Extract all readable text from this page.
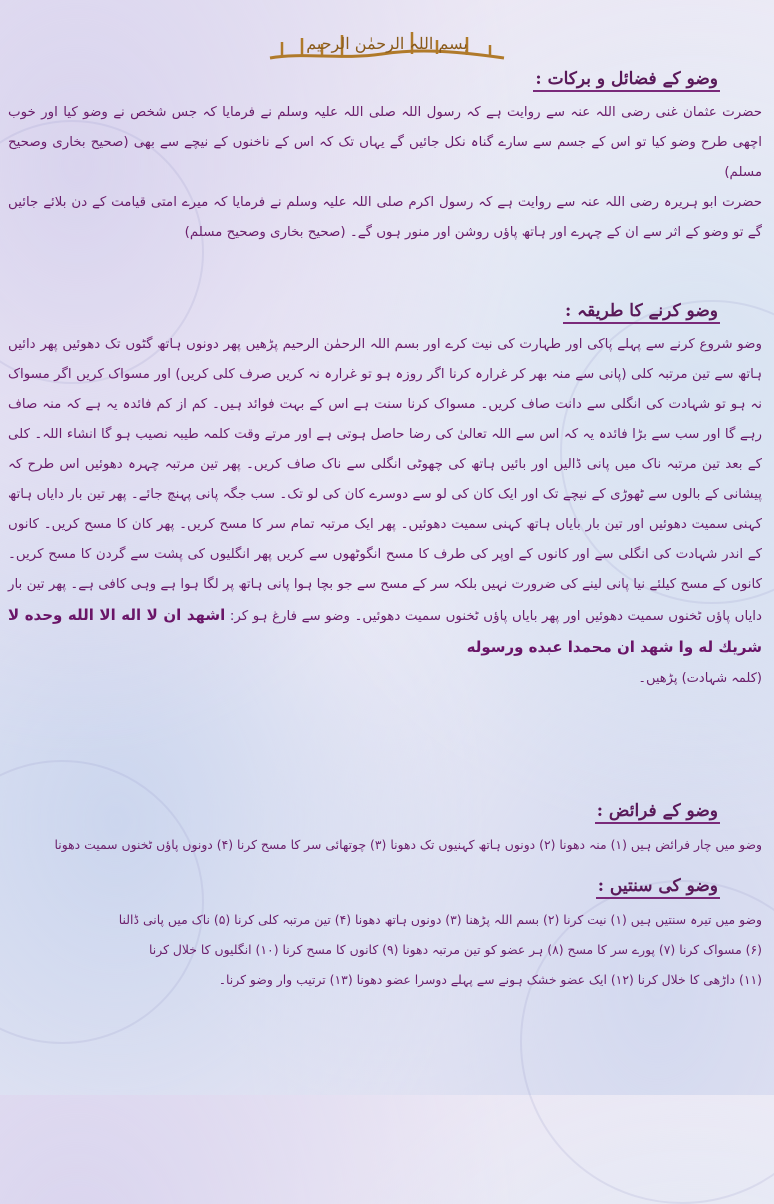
بسم اللہ الرحمٰن الرحیم
وضو کے فضائل و برکات :

حضرت عثمان غنی رضی اللہ عنہ سے روایت ہے کہ رسول اللہ صلی اللہ علیہ وسلم نے فرمایا کہ جس شخص نے وضو کیا اور خوب اچھی طرح وضو کیا تو اس کے جسم سے سارے گناہ نکل جائیں گے یہاں تک کہ اس کے ناخنوں کے نیچے سے بھی (صحیح بخاری وصحیح مسلم)

حضرت ابو ہریرہ رضی اللہ عنہ سے روایت ہے کہ رسول اکرم صلی اللہ علیہ وسلم نے فرمایا کہ میرے امتی قیامت کے دن بلائے جائیں گے تو وضو کے اثر سے ان کے چہرے اور ہاتھ پاؤں روشن اور منور ہوں گے۔ (صحیح بخاری وصحیح مسلم)

وضو کرنے کا طریقہ :

وضو شروع کرنے سے پہلے پاکی اور طہارت کی نیت کرے اور بسم اللہ الرحمٰن الرحیم پڑھیں پھر دونوں ہاتھ گٹوں تک دھوئیں پھر دائیں ہاتھ سے تین مرتبہ کلی (پانی سے منہ بھر کر غرارہ کرنا اگر روزہ ہو تو غرارہ نہ کریں صرف کلی کریں) اور مسواک کریں اگر مسواک نہ ہو تو شہادت کی انگلی سے دانت صاف کریں۔ مسواک کرنا سنت ہے اس کے بہت فوائد ہیں۔ کم از کم فائدہ یہ ہے کہ منہ صاف رہے گا اور سب سے بڑا فائدہ یہ کہ اس سے اللہ تعالیٰ کی رضا حاصل ہوتی ہے اور مرتے وقت کلمہ طیبہ نصیب ہو گا انشاء اللہ۔ کلی کے بعد تین مرتبہ ناک میں پانی ڈالیں اور بائیں ہاتھ کی چھوٹی انگلی سے ناک صاف کریں۔ پھر تین مرتبہ چہرہ دھوئیں اس طرح کہ پیشانی کے بالوں سے ٹھوڑی کے نیچے تک اور ایک کان کی لو سے دوسرے کان کی لو تک۔ سب جگہ پانی پہنچ جائے۔ پھر تین بار دایاں ہاتھ کہنی سمیت دھوئیں اور تین بار بایاں ہاتھ کہنی سمیت دھوئیں۔ پھر ایک مرتبہ تمام سر کا مسح کریں۔ پھر کان کا مسح کریں۔ کانوں کے اندر شہادت کی انگلی سے اور کانوں کے اوپر کی طرف کا مسح انگوٹھوں سے کریں پھر انگلیوں کی پشت سے گردن کا مسح کریں۔ کانوں کے مسح کیلئے نیا پانی لینے کی ضرورت نہیں بلکہ سر کے مسح سے جو بچا ہوا پانی ہاتھ پر لگا ہوا ہے وہی کافی ہے۔ پھر تین بار دایاں پاؤں ٹخنوں سمیت دھوئیں اور پھر بایاں پاؤں ٹخنوں سمیت دھوئیں۔ وضو سے فارغ ہو کر: اشهد ان لا اله الا الله وحده لا شريك له وا شهد ان محمدا عبده ورسوله

(کلمہ شہادت) پڑھیں۔

وضو کے فرائض :

وضو میں چار فرائض ہیں (۱) منہ دھونا (۲) دونوں ہاتھ کہنیوں تک دھونا (۳) چوتھائی سر کا مسح کرنا (۴) دونوں پاؤں ٹخنوں سمیت دھونا

وضو کی سنتیں :

وضو میں تیرہ سنتیں ہیں (۱) نیت کرنا (۲) بسم اللہ پڑھنا (۳) دونوں ہاتھ دھونا (۴) تین مرتبہ کلی کرنا (۵) ناک میں پانی ڈالنا

(۶) مسواک کرنا (۷) پورے سر کا مسح (۸) ہر عضو کو تین مرتبہ دھونا (۹) کانوں کا مسح کرنا (۱۰) انگلیوں کا خلال کرنا

(۱۱) داڑھی کا خلال کرنا (۱۲) ایک عضو خشک ہونے سے پہلے دوسرا عضو دھونا (۱۳) ترتیب وار وضو کرنا۔
